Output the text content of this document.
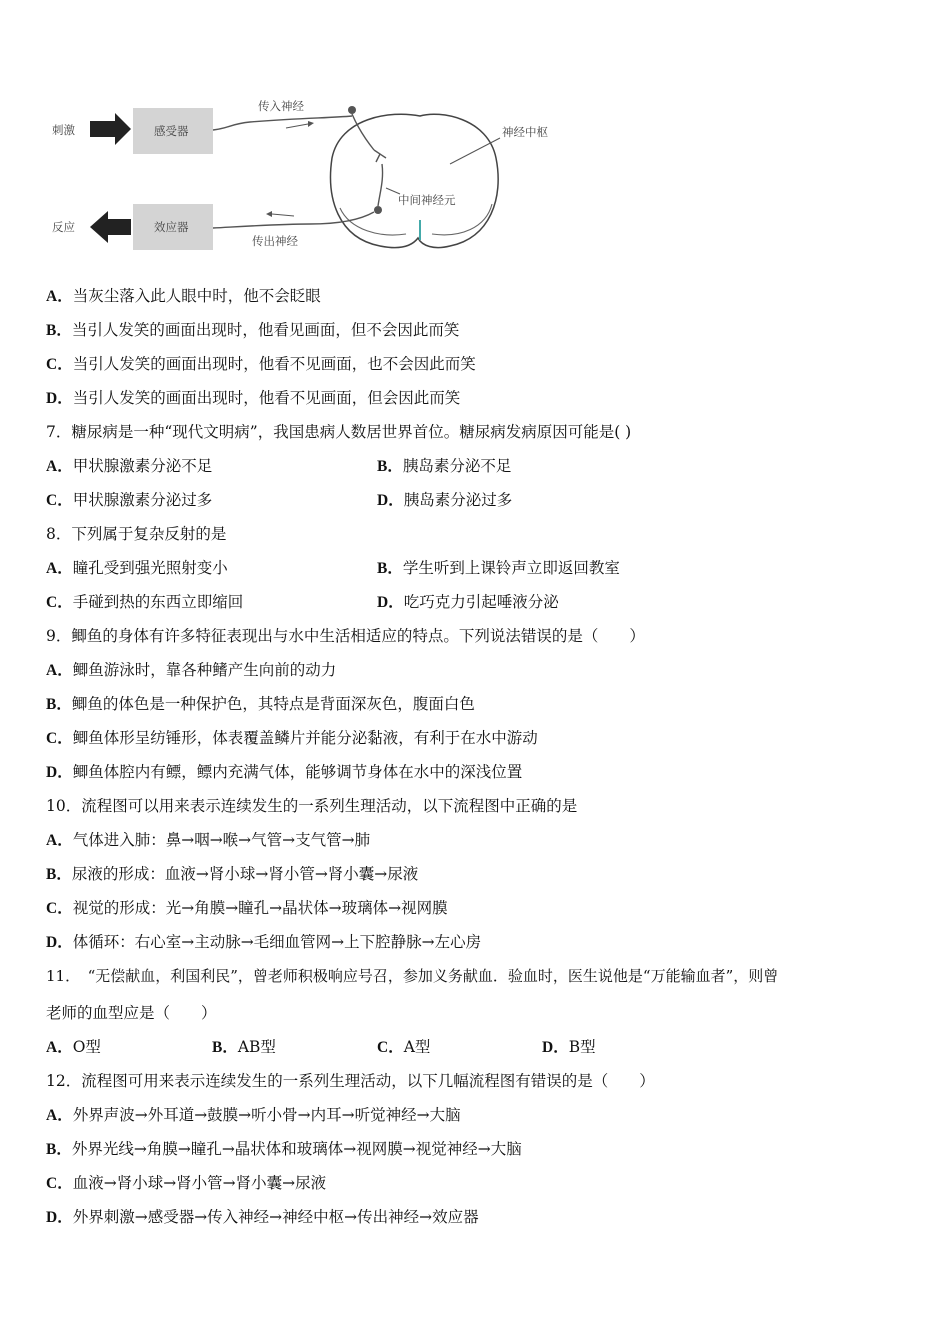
刺激	感受器
传入神经
中间神经元
传出神经
神经中枢
效应器
反应
A．当灰尘落入此人眼中时，他不会眨眼
B．当引人发笑的画面出现时，他看见画面，但不会因此而笑
C．当引人发笑的画面出现时，他看不见画面，也不会因此而笑
D．当引人发笑的画面出现时，他看不见画面，但会因此而笑
7．糖尿病是一种“现代文明病”，我国患病人数居世界首位。糖尿病发病原因可能是( )
A．甲状腺激素分泌不足	B．胰岛素分泌不足
C．甲状腺激素分泌过多	D．胰岛素分泌过多
8．下列属于复杂反射的是
A．瞳孔受到强光照射变小	B．学生听到上课铃声立即返回教室
C．手碰到热的东西立即缩回	D．吃巧克力引起唾液分泌
9．鲫鱼的身体有许多特征表现出与水中生活相适应的特点。下列说法错误的是（　　）
A．鲫鱼游泳时，靠各种鳍产生向前的动力
B．鲫鱼的体色是一种保护色，其特点是背面深灰色，腹面白色
C．鲫鱼体形呈纺锤形，体表覆盖鳞片并能分泌黏液，有利于在水中游动
D．鲫鱼体腔内有鳔，鳔内充满气体，能够调节身体在水中的深浅位置
10．流程图可以用来表示连续发生的一系列生理活动，以下流程图中正确的是
A．气体进入肺：鼻→咽→喉→气管→支气管→肺
B．尿液的形成：血液→肾小球→肾小管→肾小囊→尿液
C．视觉的形成：光→角膜→瞳孔→晶状体→玻璃体→视网膜
D．体循环：右心室→主动脉→毛细血管网→上下腔静脉→左心房
11．　“无偿献血，利国利民”，曾老师积极响应号召，参加义务献血．验血时，医生说他是“万能输血者”，则曾
老师的血型应是（　　）
A．O型	B．AB型	C．A型	D．B型
12．流程图可用来表示连续发生的一系列生理活动，以下几幅流程图有错误的是（　　）
A．外界声波→外耳道→鼓膜→听小骨→内耳→听觉神经→大脑
B．外界光线→角膜→瞳孔→晶状体和玻璃体→视网膜→视觉神经→大脑
C．血液→肾小球→肾小管→肾小囊→尿液
D．外界刺激→感受器→传入神经→神经中枢→传出神经→效应器
